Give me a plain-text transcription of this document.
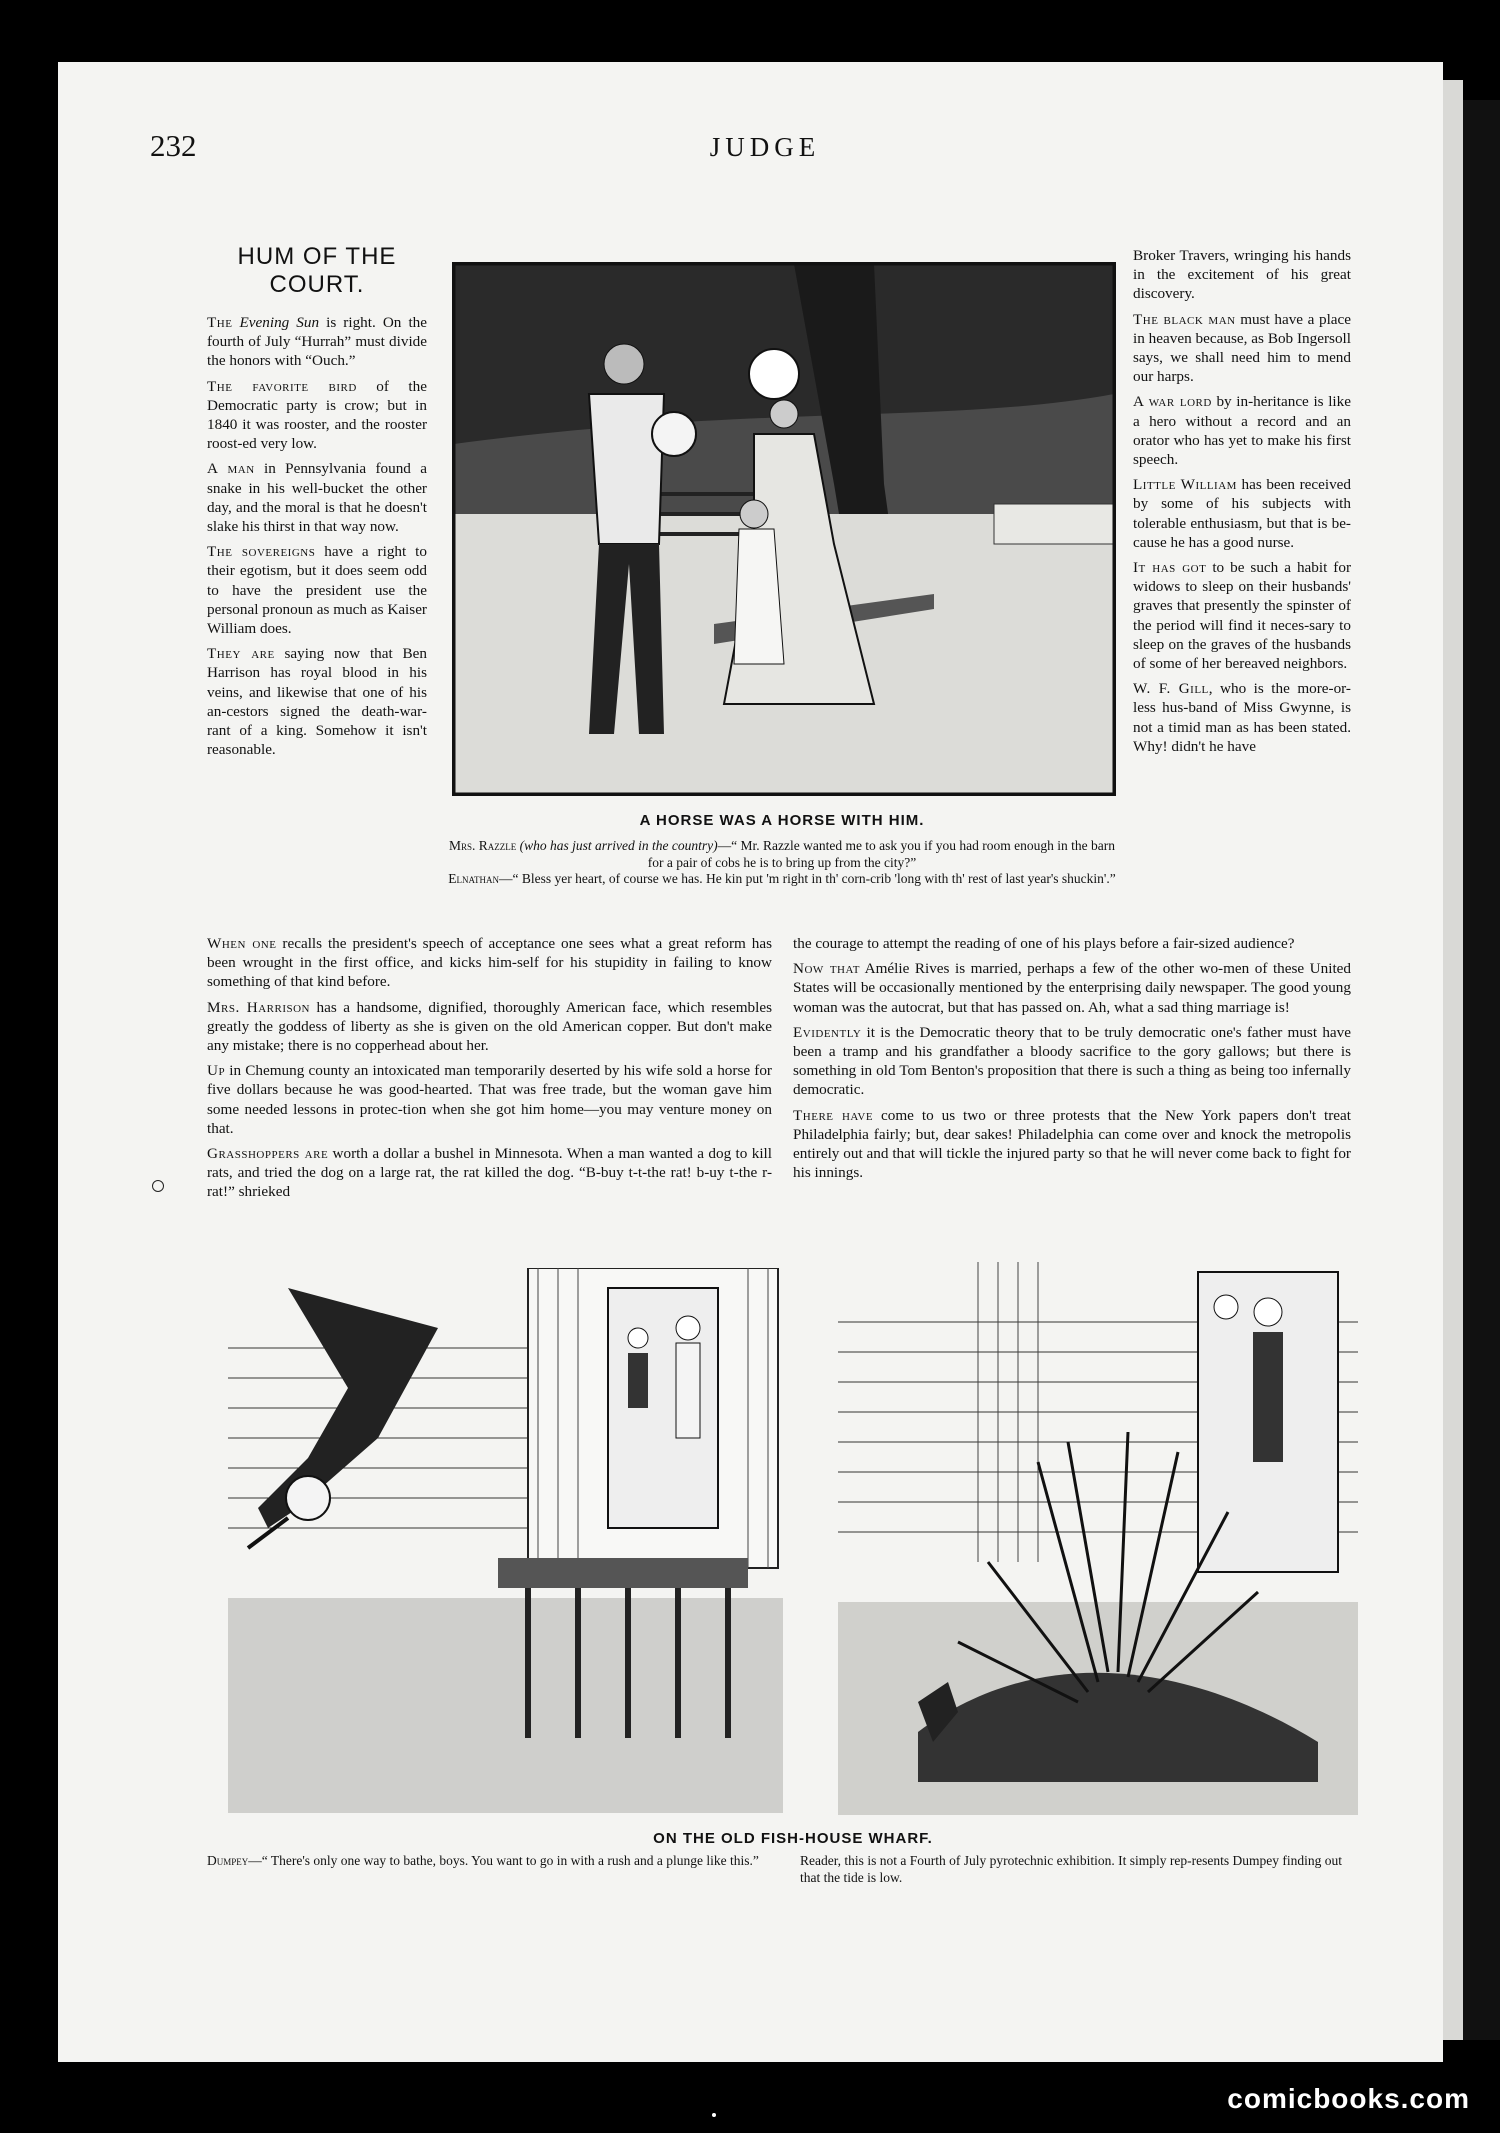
232	JUDGE
HUM OF THE
COURT.

The Evening Sun is right. On the fourth of July “Hurrah” must divide the honors with “Ouch.”

The favorite bird of the Democratic party is crow; but in 1840 it was rooster, and the rooster roost-ed very low.

A man in Pennsylvania found a snake in his well-bucket the other day, and the moral is that he doesn't slake his thirst in that way now.

The sovereigns have a right to their egotism, but it does seem odd to have the president use the personal pronoun as much as Kaiser William does.

They are saying now that Ben Harrison has royal blood in his veins, and likewise that one of his an-cestors signed the death-war-rant of a king. Somehow it isn't reasonable.

A HORSE WAS A HORSE WITH HIM.
Mrs. Razzle (who has just arrived in the country)—“ Mr. Razzle wanted me to ask you if you had room enough in the barn for a pair of cobs he is to bring up from the city?”
Elnathan—“ Bless yer heart, of course we has. He kin put 'm right in th' corn-crib 'long with th' rest of last year's shuckin'.”

Broker Travers, wringing his hands in the excitement of his great discovery.

The black man must have a place in heaven because, as Bob Ingersoll says, we shall need him to mend our harps.

A war lord by in-heritance is like a hero without a record and an orator who has yet to make his first speech.

Little William has been received by some of his subjects with tolerable enthusiasm, but that is be-cause he has a good nurse.

It has got to be such a habit for widows to sleep on their husbands' graves that presently the spinster of the period will find it neces-sary to sleep on the graves of the husbands of some of her bereaved neighbors.

W. F. Gill, who is the more-or-less hus-band of Miss Gwynne, is not a timid man as has been stated. Why! didn't he have

When one recalls the president's speech of acceptance one sees what a great reform has been wrought in the first office, and kicks him-self for his stupidity in failing to know something of that kind before.

Mrs. Harrison has a handsome, dignified, thoroughly American face, which resembles greatly the goddess of liberty as she is given on the old American copper. But don't make any mistake; there is no copperhead about her.

Up in Chemung county an intoxicated man temporarily deserted by his wife sold a horse for five dollars because he was good-hearted. That was free trade, but the woman gave him some needed lessons in protec-tion when she got him home—you may venture money on that.

Grasshoppers are worth a dollar a bushel in Minnesota. When a man wanted a dog to kill rats, and tried the dog on a large rat, the rat killed the dog. “B-buy t-t-the rat! b-uy t-the r-rat!” shrieked

the courage to attempt the reading of one of his plays before a fair-sized audience?

Now that Amélie Rives is married, perhaps a few of the other wo-men of these United States will be occasionally mentioned by the enterprising daily newspaper. The good young woman was the autocrat, but that has passed on. Ah, what a sad thing marriage is!

Evidently it is the Democratic theory that to be truly democratic one's father must have been a tramp and his grandfather a bloody sacrifice to the gory gallows; but there is something in old Tom Benton's proposition that there is such a thing as being too infernally democratic.

There have come to us two or three protests that the New York papers don't treat Philadelphia fairly; but, dear sakes! Philadelphia can come over and knock the metropolis entirely out and that will tickle the injured party so that he will never come back to fight for his innings.

ON THE OLD FISH-HOUSE WHARF.
Dumpey—“ There's only one way to bathe, boys. You want to go in with a rush and a plunge like this.”	Reader, this is not a Fourth of July pyrotechnic exhibition. It simply rep-resents Dumpey finding out that the tide is low.
comicbooks.com
